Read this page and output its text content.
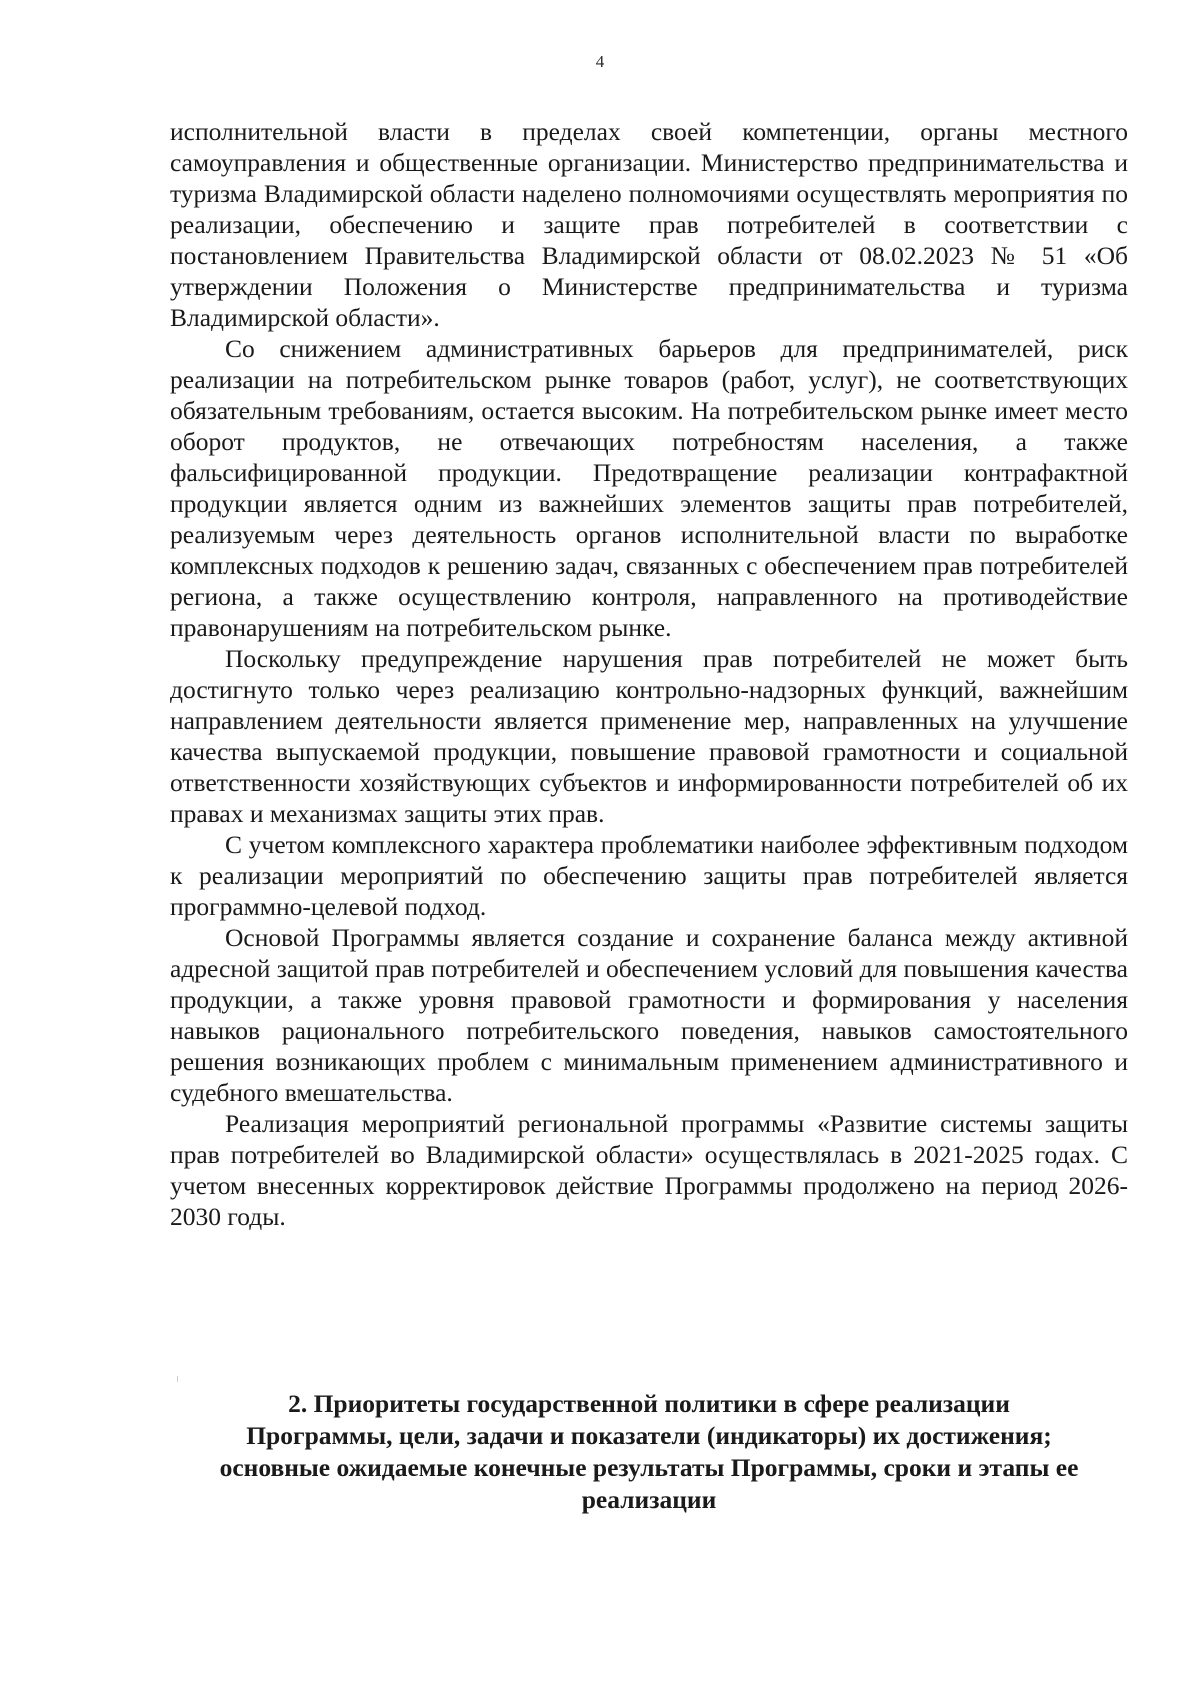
4

исполнительной власти в пределах своей компетенции, органы местного самоуправления и общественные организации. Министерство предпринимательства и туризма Владимирской области наделено полномочиями осуществлять мероприятия по реализации, обеспечению и защите прав потребителей в соответствии с постановлением Правительства Владимирской области от 08.02.2023 № 51 «Об утверждении Положения о Министерстве предпринимательства и туризма Владимирской области».

Со снижением административных барьеров для предпринимателей, риск реализации на потребительском рынке товаров (работ, услуг), не соответствующих обязательным требованиям, остается высоким. На потребительском рынке имеет место оборот продуктов, не отвечающих потребностям населения, а также фальсифицированной продукции. Предотвращение реализации контрафактной продукции является одним из важнейших элементов защиты прав потребителей, реализуемым через деятельность органов исполнительной власти по выработке комплексных подходов к решению задач, связанных с обеспечением прав потребителей региона, а также осуществлению контроля, направленного на противодействие правонарушениям на потребительском рынке.

Поскольку предупреждение нарушения прав потребителей не может быть достигнуто только через реализацию контрольно-надзорных функций, важнейшим направлением деятельности является применение мер, направленных на улучшение качества выпускаемой продукции, повышение правовой грамотности и социальной ответственности хозяйствующих субъектов и информированности потребителей об их правах и механизмах защиты этих прав.

С учетом комплексного характера проблематики наиболее эффективным подходом к реализации мероприятий по обеспечению защиты прав потребителей является программно-целевой подход.

Основой Программы является создание и сохранение баланса между активной адресной защитой прав потребителей и обеспечением условий для повышения качества продукции, а также уровня правовой грамотности и формирования у населения навыков рационального потребительского поведения, навыков самостоятельного решения возникающих проблем с минимальным применением административного и судебного вмешательства.

Реализация мероприятий региональной программы «Развитие системы защиты прав потребителей во Владимирской области» осуществлялась в 2021-2025 годах. С учетом внесенных корректировок действие Программы продолжено на период 2026-2030 годы.

2. Приоритеты государственной политики в сфере реализации
Программы, цели, задачи и показатели (индикаторы) их достижения;
основные ожидаемые конечные результаты Программы, сроки и этапы ее
реализации
